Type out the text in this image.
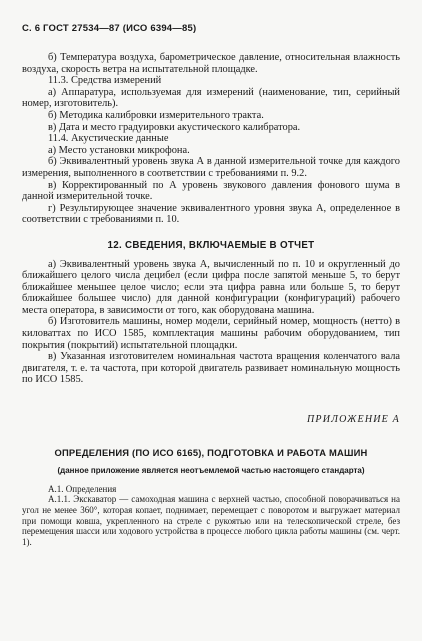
С. 6 ГОСТ 27534—87 (ИСО 6394—85)

б) Температура воздуха, барометрическое давление, относительная влажность воздуха, скорость ветра на испытательной площадке.

11.3. Средства измерений

а) Аппаратура, используемая для измерений (наименование, тип, серийный номер, изготовитель).

б) Методика калибровки измерительного тракта.

в) Дата и место градуировки акустического калибратора.

11.4. Акустические данные

а) Место установки микрофона.

б) Эквивалентный уровень звука А в данной измерительной точке для каждого измерения, выполненного в соответствии с требованиями п. 9.2.

в) Корректированный по А уровень звукового давления фонового шума в данной измерительной точке.

г) Результирующее значение эквивалентного уровня звука А, определенное в соответствии с требованиями п. 10.

12. СВЕДЕНИЯ, ВКЛЮЧАЕМЫЕ В ОТЧЕТ

а) Эквивалентный уровень звука А, вычисленный по п. 10 и округленный до ближайшего целого числа децибел (если цифра после запятой меньше 5, то берут ближайшее меньшее целое число; если эта цифра равна или больше 5, то берут ближайшее большее число) для данной конфигурации (конфигураций) рабочего места оператора, в зависимости от того, как оборудована машина.

б) Изготовитель машины, номер модели, серийный номер, мощность (нетто) в киловаттах по ИСО 1585, комплектация машины рабочим оборудованием, тип покрытия (покрытий) испытательной площадки.

в) Указанная изготовителем номинальная частота вращения коленчатого вала двигателя, т. е. та частота, при которой двигатель развивает номинальную мощность по ИСО 1585.

ПРИЛОЖЕНИЕ А

ОПРЕДЕЛЕНИЯ (ПО ИСО 6165), ПОДГОТОВКА И РАБОТА МАШИН

(данное приложение является неотъемлемой частью настоящего стандарта)

А.1. Определения

А.1.1. Экскаватор — самоходная машина с верхней частью, способной поворачиваться на угол не менее 360°, которая копает, поднимает, перемещает с поворотом и выгружает материал при помощи ковша, укрепленного на стреле с рукоятью или на телескопической стреле, без перемещения шасси или ходового устройства в процессе любого цикла работы машины (см. черт. 1).
